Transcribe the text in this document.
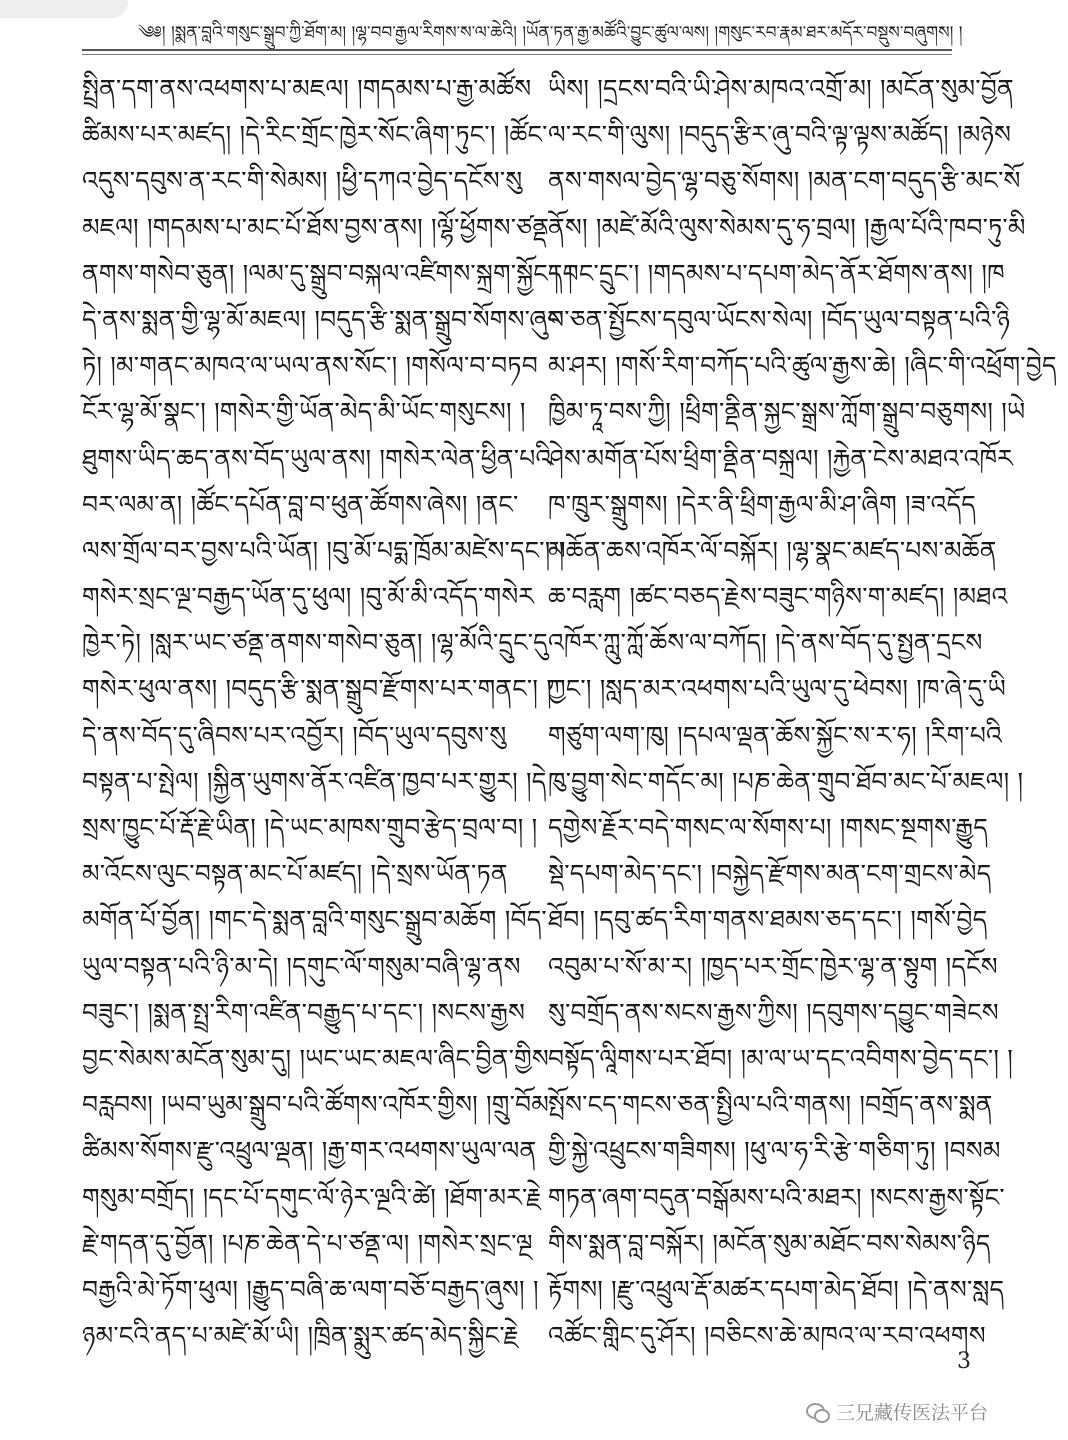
༄༅། །སྨན་བླའི་གསུང་སྒྲུབ་ཀྱི་ཐོག་མ། །ལྷ་བབ་རྒྱལ་རིགས་ས་ལ་ཆེའི། །ཡོན་ཏན་རྒྱ་མཚོའི་བྱུང་ཚུལ་ལས། །གསུང་རབ་རྣམ་ཐར་མདོར་བསྡུས་བཞུགས། །
སྤྲིན་དག་ནས་འཕགས་པ་མཇལ། །གདམས་པ་རྒྱ་མཚོས
ཚིམས་པར་མཛད། །དེ་རིང་གྲོང་ཁྱེར་སོང་ཞིག་ཏུང་། །ཚོང་
འདུས་དབུས་ན་རང་གི་སེམས། །ཕྱི་དཀའ་བྱེད་དངོས་སུ
མཇལ། །གདམས་པ་མང་པོ་ཐོས་བྱས་ནས། །ལྷོ་ཕྱོགས་ཙནྡ
ནགས་གསེབ་ཅུན། །ལམ་དུ་སྒྲུབ་བསྐལ་འཛིགས་སྐྲག་སྐྱོང་། །
དེ་ནས་སྨན་གྱི་ལྷ་མོ་མཇལ། །བདུད་རྩི་སྨན་སྒྲུབ་སོགས་ཞུས
ཏེ། །མ་གནང་མཁའ་ལ་ཡལ་ནས་སོང་། །གསོལ་བ་བཏབ
ངོར་ལྷ་མོ་སྣང་། །གསེར་གྱི་ཡོན་མེད་མི་ཡོང་གསུངས། །
ཐུགས་ཡིད་ཆད་ནས་བོད་ཡུལ་ནས། །གསེར་ལེན་ཕྱིན་པའི
བར་ལམ་ན། །ཚོང་དཔོན་བླ་བ་ཕུན་ཚོགས་ཞེས། །ནང་
ལས་གྲོལ་བར་བྱས་པའི་ཡོན། །བུ་མོ་པདྨ་ཁྲོམ་མཛེས་དང་། །
གསེར་སྲང་ལྔ་བརྒྱད་ཡོན་དུ་ཕུལ། །བུ་མོ་མི་འདོད་གསེར
ཁྱེར་ཏེ། །སླར་ཡང་ཙནྡ་ནགས་གསེབ་ཅུན། །ལྷ་མོའི་དྲུང་དུ
གསེར་ཕུལ་ནས། །བདུད་རྩི་སྨན་སྒྲུབ་རྫོགས་པར་གནང་། །
དེ་ནས་བོད་དུ་ཞིབས་པར་འབྱོར། །བོད་ཡུལ་དབུས་སུ
བསྟན་པ་སྤེལ། །སྐྱིན་ཡུགས་ནོར་འཛིན་ཁྱབ་པར་གྱུར། །དེ
སྲས་ཁྱུང་པོ་རྡོ་རྗེ་ཡིན། །དེ་ཡང་མཁས་གྲུབ་རྩེད་བྲལ་བ། །
མ་འོངས་ལུང་བསྟན་མང་པོ་མཛད། །དེ་སྲས་ཡོན་ཏན
མགོན་པོ་བྱོན། །གང་དེ་སྨན་བླའི་གསུང་སྒྲུབ་མཆོག །བོད་
ཡུལ་བསྟན་པའི་ཉི་མ་དེ། །དགུང་ལོ་གསུམ་བཞི་ལྷ་ནས
བཟུང་། །སྨན་སྤྲ་རིག་འཛིན་བརྒྱུད་པ་དང་། །སངས་རྒྱས
བྱང་སེམས་མངོན་སུམ་དུ། །ཡང་ཡང་མཇལ་ཞིང་བྱིན་གྱིས
བརླབས། །ཡབ་ཡུམ་སྒྲུབ་པའི་ཚོགས་འཁོར་གྱིས། །གྲུ་བོམ
ཚིམས་སོགས་རྫུ་འཕྲུལ་ལྡན། །རྒྱ་གར་འཕགས་ཡུལ་ལན
གསུམ་བགྲོད། །དང་པོ་དགུང་ལོ་ཉེར་ལྔའི་ཚེ། །ཐོག་མར་རྗེ
རྗེ་གདན་དུ་བྱོན། །པཎ་ཆེན་དེ་པ་ཙནྡ་ལ། །གསེར་སྲང་ལྔ
བརྒྱའི་མེ་ཏོག་ཕུལ། །རྒྱུད་བཞི་ཆ་ལག་བཅོ་བརྒྱད་ཞུས། །
ཉམ་ངའི་ནད་པ་མཛེ་མོ་ཡི། །ཁྲིན་སྨུར་ཚད་མེད་སྐྱིང་རྗེ
ཡིས། །དྲངས་བའི་ཡི་ཤེས་མཁའ་འགྲོ་མ། །མངོན་སུམ་བྱོན
ལ་རང་གི་ལུས། །བདུད་རྩིར་ཞུ་བའི་ལྟ་ལྟས་མཚོད། །མཉེས
ནས་གསལ་བྱེད་ལྷ་བཅུ་སོགས། །མན་ངག་བདུད་རྩི་མང་སོ
ནོས། །མཛེ་མོའི་ལུས་སེམས་དུ་ཧ་བྲལ། །རྒྱལ་པོའི་ཁབ་ཏུ་མི
དབང་དྲུང་། །གདམས་པ་དཔག་མེད་ནོར་ཐོགས་ནས། །ཁ
བ་ཅན་སྤྱོངས་དབུལ་ཡོངས་སེལ། །བོད་ཡུལ་བསྟན་པའི་ཉི
མ་ཤར། །གསོ་རིག་བཀོད་པའི་ཚུལ་རྒྱས་ཆེ། །ཞིང་གི་འཕྲོག་བྱེད
ཁྱིམ་ཏཱ་བས་ཀྱི། །ཕྲིག་ནྡིན་སྐྱང་སྒྲས་ཀློག་སྒྲུབ་བཅུགས། །ཡེ
ཤེས་མགོན་པོས་ཕྲིག་ནྡིན་བསྐྲལ། །རྐྱེན་ངེས་མཐའ་འཁོར
ཁ་ཁྲུར་སྒྲུགས། །དེར་ནི་ཕྲིག་རྒྱལ་མི་ཤ་ཞིག །ཟ་འདོད
མཆོན་ཆས་འཁོར་ལོ་བསྐོར། །ལྷ་སྣང་མཛད་པས་མཆོན
ཆ་བརླག །ཚང་བཅད་རྗེས་བཟུང་གཉིས་ག་མཛད། །མཐའ
འཁོར་ཀླུ་ཀློ་ཆོས་ལ་བཀོད། །དེ་ནས་བོད་དུ་སྤྱན་དྲངས
ཀྱང་། །སླད་མར་འཕགས་པའི་ཡུལ་དུ་ཕེབས། །ཁ་ཞེ་དུ་ཡི
གཙུག་ལག་ཁུ། །དཔལ་ལྡན་ཆོས་སྐྱོང་ས་ར་ཧ། །རིག་པའི
ཁུ་བྱུག་སེང་གདོང་མ། །པཎ་ཆེན་གྲུབ་ཐོབ་མང་པོ་མཇལ། །
དགྱེས་རྗོར་བདེ་གསང་ལ་སོགས་པ། །གསང་སྔགས་རྒྱུད
སྡེ་དཔག་མེད་དང་། །བསྐྱེད་རྫོགས་མན་ངག་གྲངས་མེད
ཐོབ། །དབུ་ཚད་རིག་གནས་ཐམས་ཅད་དང་། །གསོ་བྱེད
འབུམ་པ་སོ་མ་ར། །ཁྱད་པར་གྲོང་ཁྱེར་ལྷ་ན་སྟུག །དངོས
སུ་བགྲོད་ནས་སངས་རྒྱས་ཀྱིས། །དབུགས་དབྱུང་གཟེངས
བསྟོད་ལཱིགས་པར་ཐོབ། །མ་ལ་ཡ་དང་འབིགས་བྱེད་དང་། །
སྤོས་ངད་གངས་ཅན་སྤྱིལ་པའི་གནས། །བགྲོད་ནས་སྨན
གྱི་སྐྱེ་འཕྲུངས་གཟིགས། །ཕུ་ལ་ཧ་རི་རྩེ་གཅིག་ཏུ། །བསམ
གཏན་ཞག་བདུན་བསྒོམས་པའི་མཐར། །སངས་རྒྱས་སྟོང་
གིས་སྨན་བླ་བསྐོར། །མངོན་སུམ་མཐོང་བས་སེམས་ཉིད
རྟོགས། །རྫུ་འཕྲུལ་རྡོ་མཚར་དཔག་མེད་ཐོབ། །དེ་ནས་སླད
འཚོང་གླིང་དུ་ཤོར། །བཅིངས་ཆེ་མཁའ་ལ་རབ་འཕགས
3
三兄藏传医法平台
